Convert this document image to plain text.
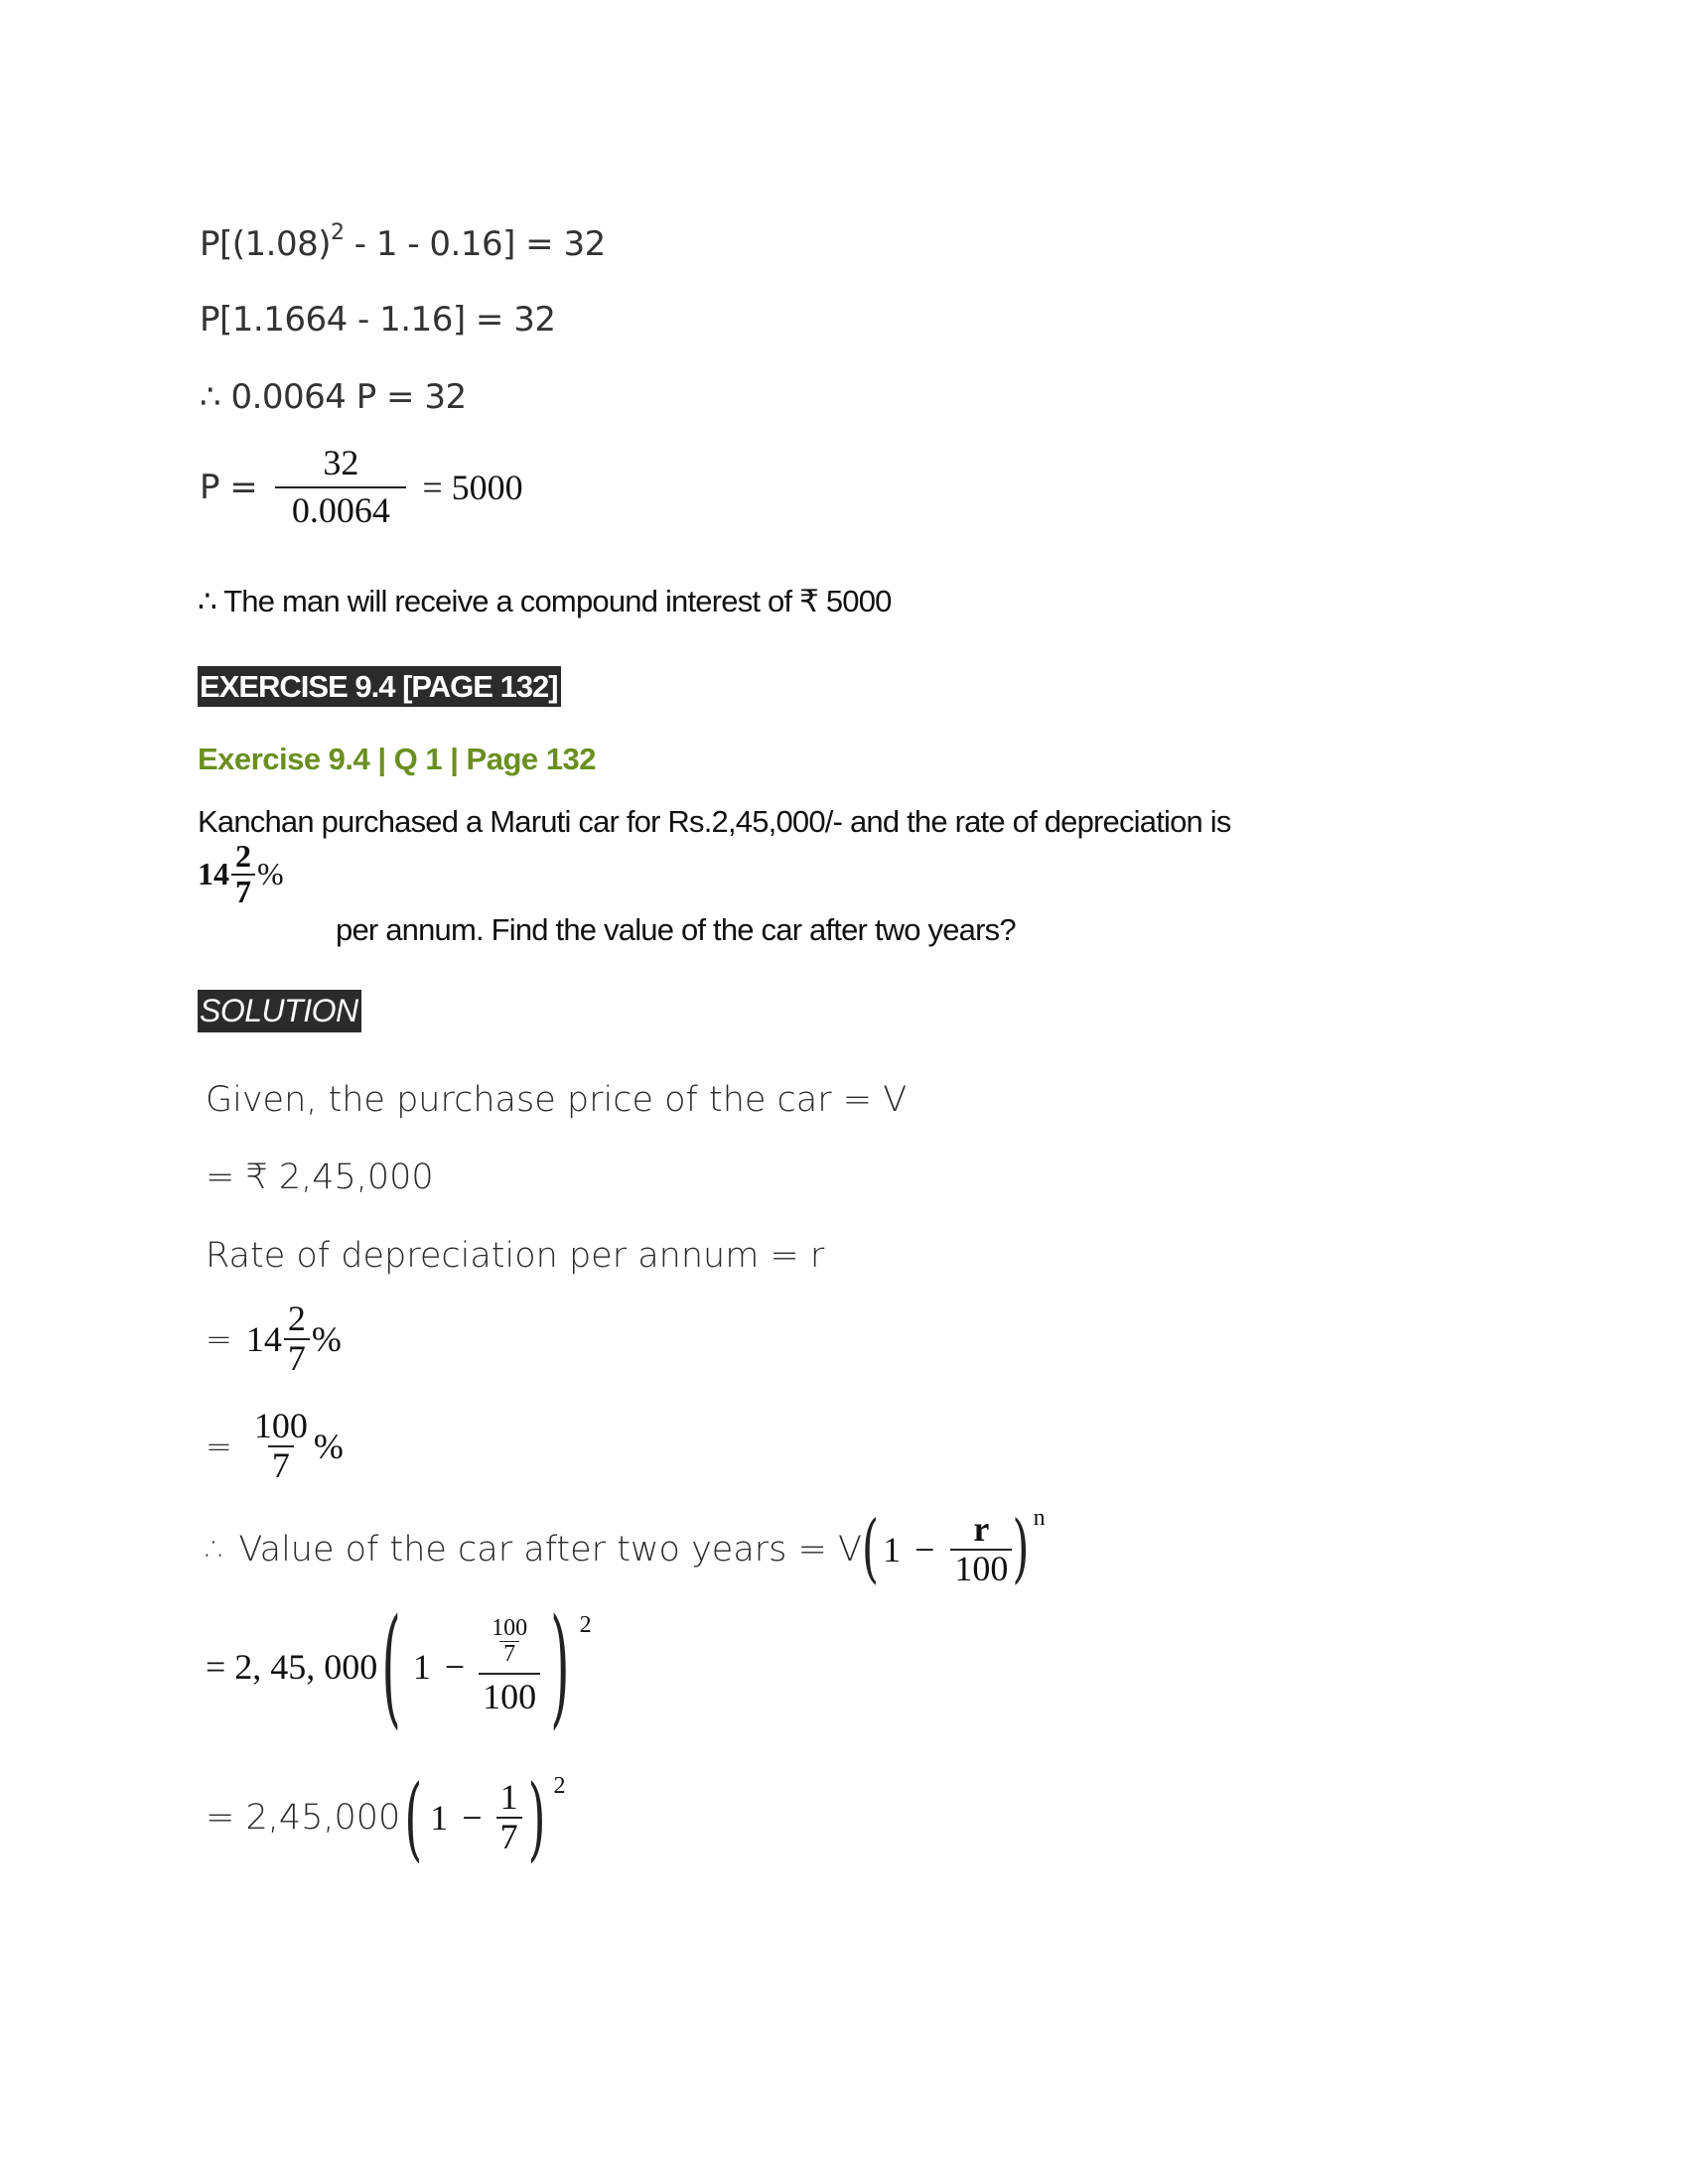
$P[(1.08)^2 - 1 - 0.16] = 32$
P[1.1664 - 1.16] = 32
∴ 0.0064 P = 32
$P = \frac{32}{0.0064} = 5000$
∴ The man will receive a compound interest of ₹ 5000
EXERCISE 9.4 [PAGE 132]
Exercise 9.4 | Q 1 | Page 132
Kanchan purchased a Maruti car for Rs.2,45,000/- and the rate of depreciation is
$14 \frac{2}{7}$ %
per annum. Find the value of the car after two years?
SOLUTION
Given, the purchase price of the car = V
= ₹ 2,45,000
Rate of depreciation per annum = r
= $14 \frac{2}{7}$ %
= $\frac{100}{7}$ %
∴ Value of the car after two years = V ( $1 - \frac{r}{100}$ ) n
= 2, 45, 000 ( $1 - \frac{\frac{100}{7}}{100}$ ) 2
= 2,45,000 ( $1 - \frac{1}{7}$ ) 2
